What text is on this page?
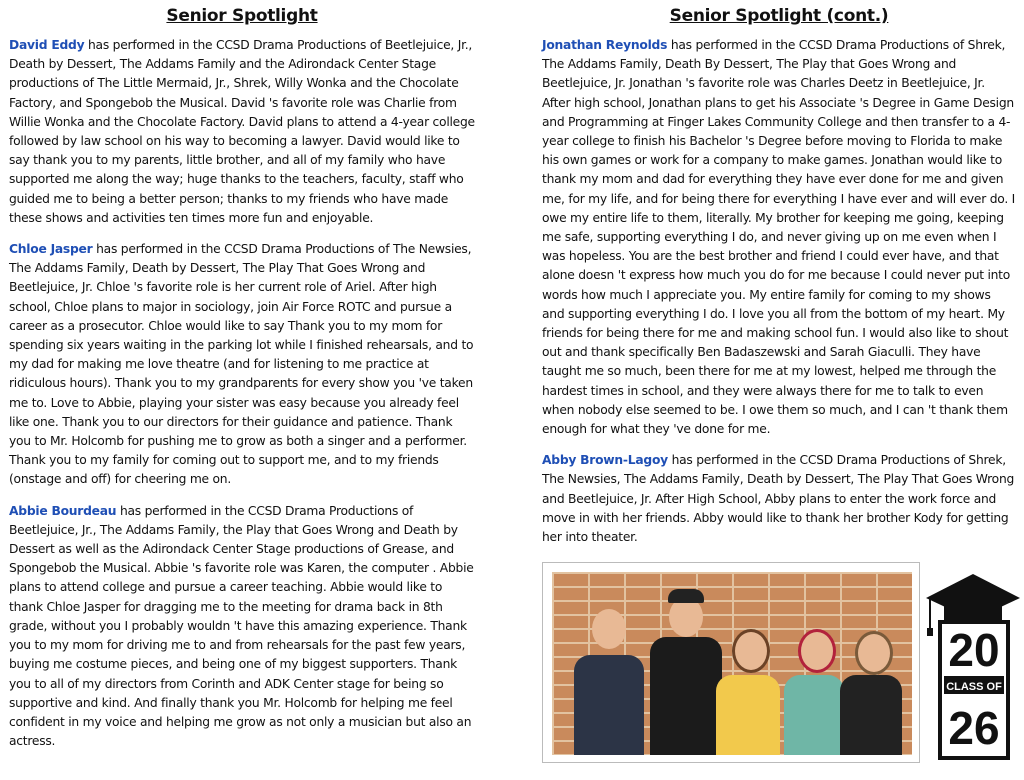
Senior Spotlight

David Eddy has performed in the CCSD Drama Productions of Beetlejuice, Jr., Death by Dessert, The Addams Family and the Adirondack Center Stage productions of The Little Mermaid, Jr., Shrek, Willy Wonka and the Chocolate Factory, and Spongebob the Musical. David 's favorite role was Charlie from Willie Wonka and the Chocolate Factory. David plans to attend a 4-year college followed by law school on his way to becoming a lawyer. David would like to say thank you to my parents, little brother, and all of my family who have supported me along the way; huge thanks to the teachers, faculty, staff who guided me to being a better person; thanks to my friends who have made these shows and activities ten times more fun and enjoyable.

Chloe Jasper has performed in the CCSD Drama Productions of The Newsies, The Addams Family, Death by Dessert, The Play That Goes Wrong and Beetlejuice, Jr. Chloe 's favorite role is her current role of Ariel. After high school, Chloe plans to major in sociology, join Air Force ROTC and pursue a career as a prosecutor. Chloe would like to say Thank you to my mom for spending six years waiting in the parking lot while I finished rehearsals, and to my dad for making me love theatre (and for listening to me practice at ridiculous hours). Thank you to my grandparents for every show you 've taken me to. Love to Abbie, playing your sister was easy because you already feel like one. Thank you to our directors for their guidance and patience. Thank you to Mr. Holcomb for pushing me to grow as both a singer and a performer. Thank you to my family for coming out to support me, and to my friends (onstage and off) for cheering me on.

Abbie Bourdeau has performed in the CCSD Drama Productions of Beetlejuice, Jr., The Addams Family, the Play that Goes Wrong and Death by Dessert as well as the Adirondack Center Stage productions of Grease, and Spongebob the Musical. Abbie 's favorite role was Karen, the computer . Abbie plans to attend college and pursue a career teaching. Abbie would like to thank Chloe Jasper for dragging me to the meeting for drama back in 8th grade, without you I probably wouldn 't have this amazing experience. Thank you to my mom for driving me to and from rehearsals for the past few years, buying me costume pieces, and being one of my biggest supporters. Thank you to all of my directors from Corinth and ADK Center stage for being so supportive and kind. And finally thank you Mr. Holcomb for helping me feel confident in my voice and helping me grow as not only a musician but also an actress.

Senior Spotlight (cont.)

Jonathan Reynolds has performed in the CCSD Drama Productions of Shrek, The Addams Family, Death By Dessert, The Play that Goes Wrong and Beetlejuice, Jr. Jonathan 's favorite role was Charles Deetz in Beetlejuice, Jr. After high school, Jonathan plans to get his Associate 's Degree in Game Design and Programming at Finger Lakes Community College and then transfer to a 4-year college to finish his Bachelor 's Degree before moving to Florida to make his own games or work for a company to make games. Jonathan would like to thank my mom and dad for everything they have ever done for me and given me, for my life, and for being there for everything I have ever and will ever do. I owe my entire life to them, literally. My brother for keeping me going, keeping me safe, supporting everything I do, and never giving up on me even when I was hopeless. You are the best brother and friend I could ever have, and that alone doesn 't express how much you do for me because I could never put into words how much I appreciate you. My entire family for coming to my shows and supporting everything I do. I love you all from the bottom of my heart. My friends for being there for me and making school fun. I would also like to shout out and thank specifically Ben Badaszewski and Sarah Giaculli. They have taught me so much, been there for me at my lowest, helped me through the hardest times in school, and they were always there for me to talk to even when nobody else seemed to be. I owe them so much, and I can 't thank them enough for what they 've done for me.

Abby Brown-Lagoy has performed in the CCSD Drama Productions of Shrek, The Newsies, The Addams Family, Death by Dessert, The Play That Goes Wrong and Beetlejuice, Jr. After High School, Abby plans to enter the work force and move in with her friends. Abby would like to thank her brother Kody for getting her into theater.

20
CLASS OF
26
